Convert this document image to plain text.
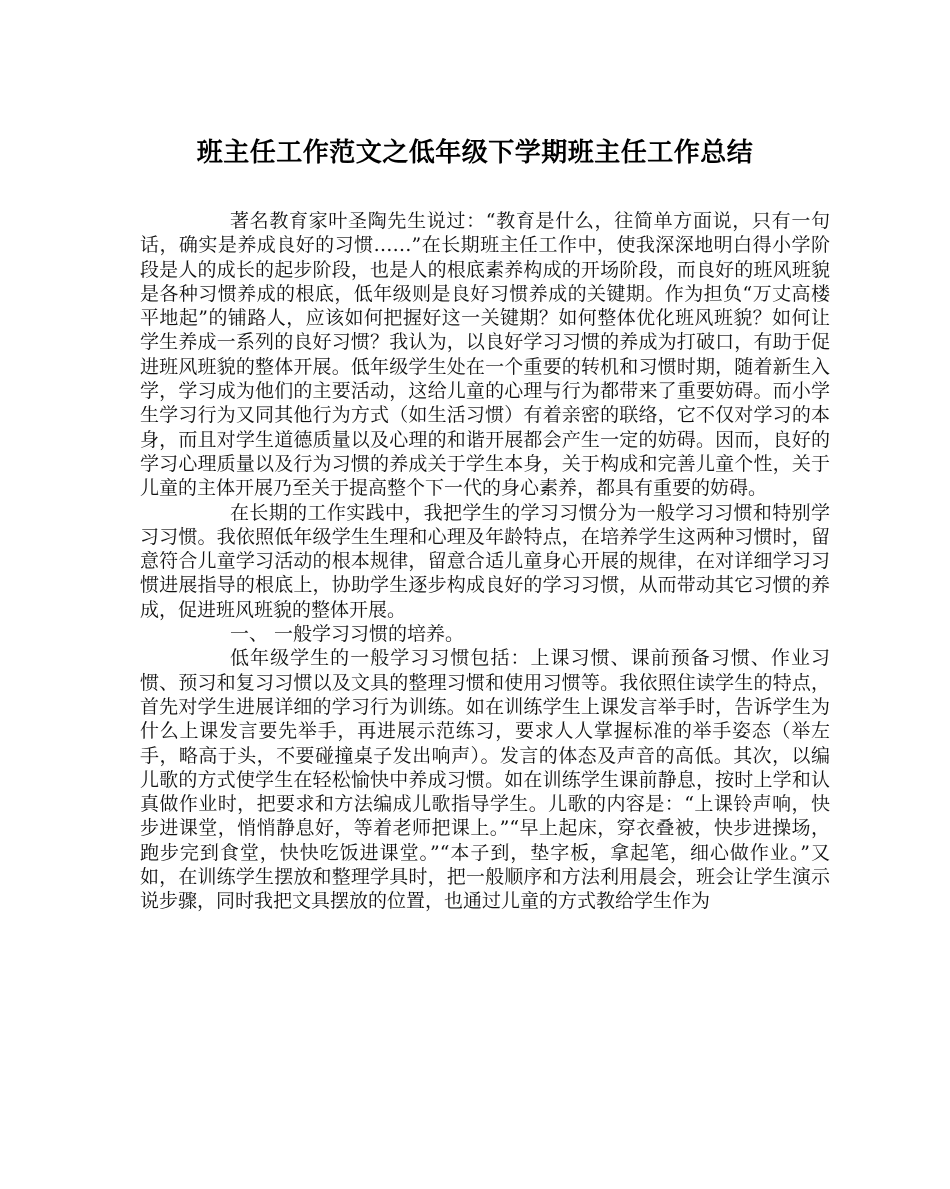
班主任工作范文之低年级下学期班主任工作总结

著名教育家叶圣陶先生说过：“教育是什么，往简单方面说，只有一句话，确实是养成良好的习惯……”在长期班主任工作中，使我深深地明白得小学阶段是人的成长的起步阶段，也是人的根底素养构成的开场阶段，而良好的班风班貌是各种习惯养成的根底，低年级则是良好习惯养成的关键期。作为担负“万丈高楼平地起”的铺路人，应该如何把握好这一关键期？如何整体优化班风班貌？如何让学生养成一系列的良好习惯？我认为，以良好学习习惯的养成为打破口，有助于促进班风班貌的整体开展。低年级学生处在一个重要的转机和习惯时期，随着新生入学，学习成为他们的主要活动，这给儿童的心理与行为都带来了重要妨碍。而小学生学习行为又同其他行为方式（如生活习惯）有着亲密的联络，它不仅对学习的本身，而且对学生道德质量以及心理的和谐开展都会产生一定的妨碍。因而，良好的学习心理质量以及行为习惯的养成关于学生本身，关于构成和完善儿童个性，关于儿童的主体开展乃至关于提高整个下一代的身心素养，都具有重要的妨碍。

在长期的工作实践中，我把学生的学习习惯分为一般学习习惯和特别学习习惯。我依照低年级学生生理和心理及年龄特点，在培养学生这两种习惯时，留意符合儿童学习活动的根本规律，留意合适儿童身心开展的规律，在对详细学习习惯进展指导的根底上，协助学生逐步构成良好的学习习惯，从而带动其它习惯的养成，促进班风班貌的整体开展。

一、 一般学习习惯的培养。

低年级学生的一般学习习惯包括：上课习惯、课前预备习惯、作业习惯、预习和复习习惯以及文具的整理习惯和使用习惯等。我依照住读学生的特点，首先对学生进展详细的学习行为训练。如在训练学生上课发言举手时，告诉学生为什么上课发言要先举手，再进展示范练习，要求人人掌握标准的举手姿态（举左手，略高于头，不要碰撞桌子发出响声）。发言的体态及声音的高低。其次，以编儿歌的方式使学生在轻松愉快中养成习惯。如在训练学生课前静息，按时上学和认真做作业时，把要求和方法编成儿歌指导学生。儿歌的内容是：“上课铃声响，快步进课堂，悄悄静息好，等着老师把课上。”“早上起床，穿衣叠被，快步进操场，跑步完到食堂，快快吃饭进课堂。”“本子到，垫字板，拿起笔，细心做作业。”又如，在训练学生摆放和整理学具时，把一般顺序和方法利用晨会，班会让学生演示说步骤，同时我把文具摆放的位置，也通过儿童的方式教给学生作为
